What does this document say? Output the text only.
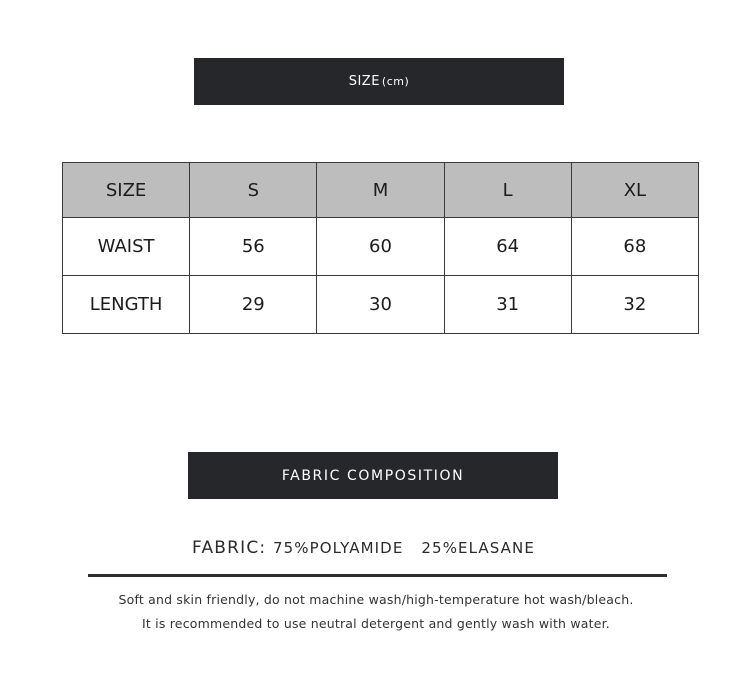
SIZE (cm)
SIZE	S	M	L	XL
WAIST	56	60	64	68
LENGTH	29	30	31	32
FABRIC COMPOSITION
FABRIC: 75%POLYAMIDE 25%ELASANE
Soft and skin friendly, do not machine wash/high-temperature hot wash/bleach.
It is recommended to use neutral detergent and gently wash with water.
